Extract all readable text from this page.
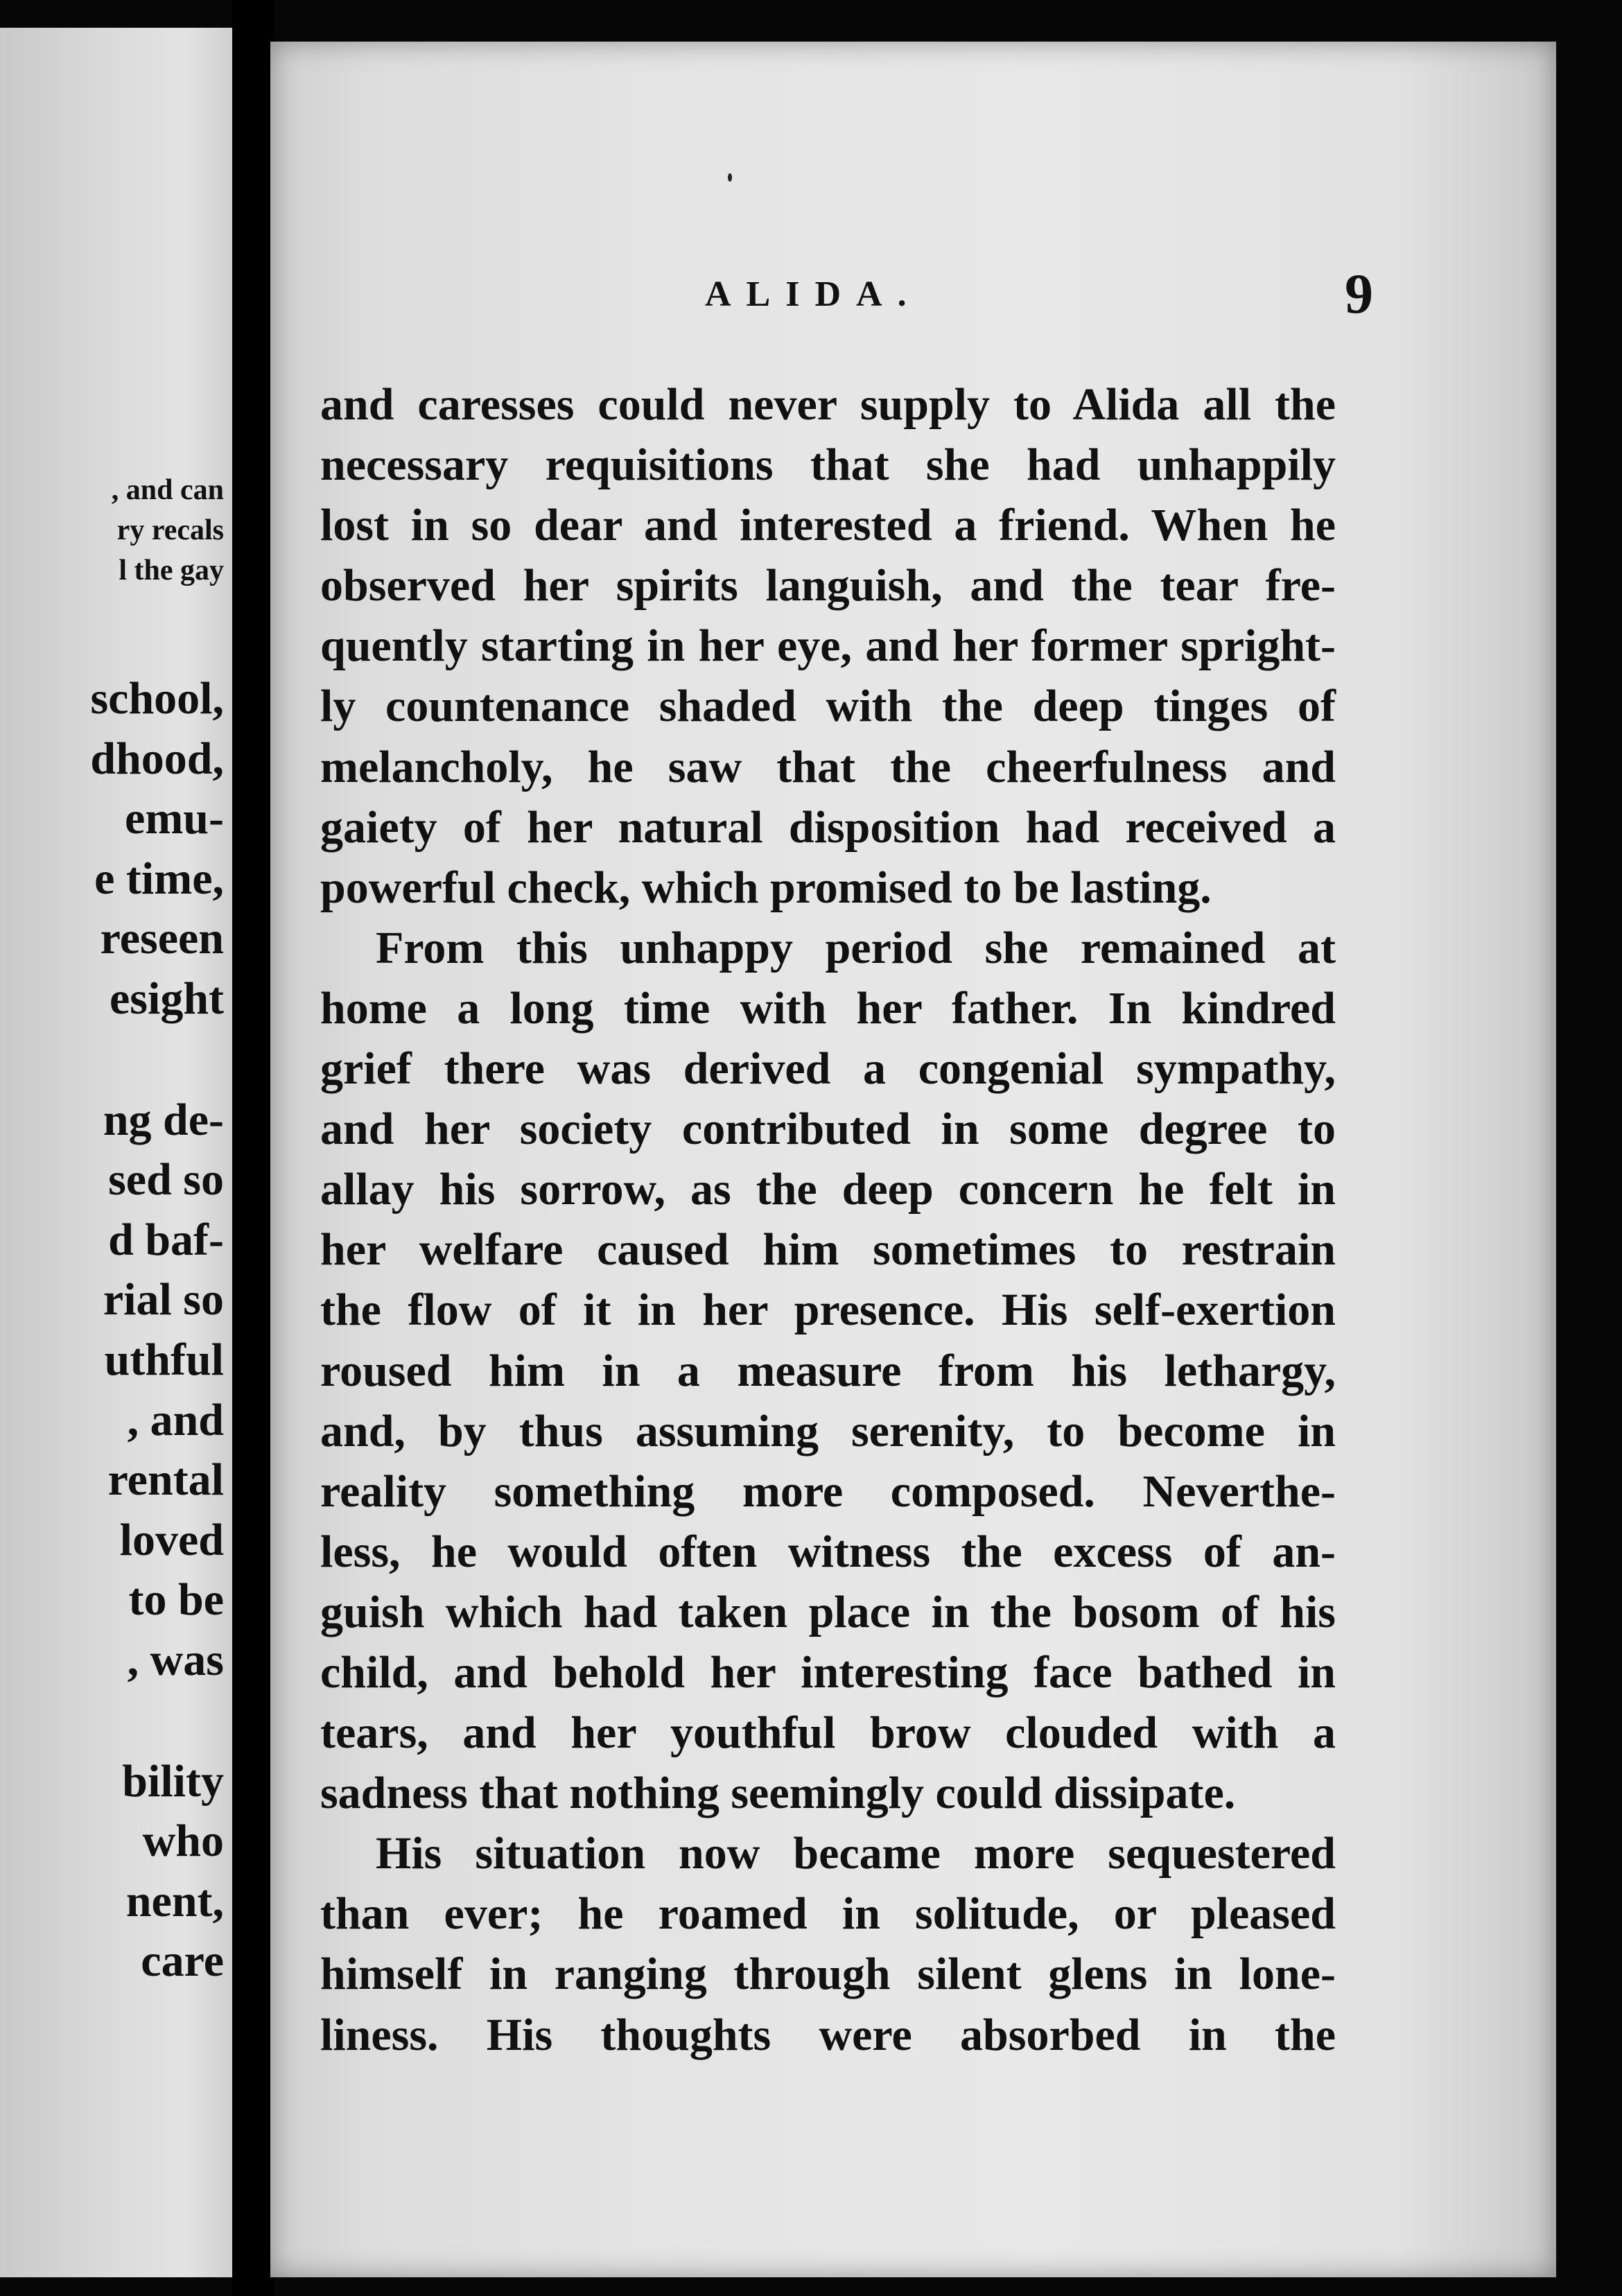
, and can
ry recals
l the gay
school,
dhood,
emu-
e time,
reseen
esight
ng de-
sed so
d baf-
rial so
uthful
, and
rental
loved
to be
, was
bility
who
nent,
care
ALIDA.	9
and caresses could never supply to Alida all the
necessary requisitions that she had unhappily
lost in so dear and interested a friend. When he
observed her spirits languish, and the tear fre-
quently starting in her eye, and her former spright-
ly countenance shaded with the deep tinges of
melancholy, he saw that the cheerfulness and
gaiety of her natural disposition had received a
powerful check, which promised to be lasting.
From this unhappy period she remained at
home a long time with her father. In kindred
grief there was derived a congenial sympathy,
and her society contributed in some degree to
allay his sorrow, as the deep concern he felt in
her welfare caused him sometimes to restrain
the flow of it in her presence. His self-exertion
roused him in a measure from his lethargy,
and, by thus assuming serenity, to become in
reality something more composed. Neverthe-
less, he would often witness the excess of an-
guish which had taken place in the bosom of his
child, and behold her interesting face bathed in
tears, and her youthful brow clouded with a
sadness that nothing seemingly could dissipate.
His situation now became more sequestered
than ever; he roamed in solitude, or pleased
himself in ranging through silent glens in lone-
liness. His thoughts were absorbed in the
